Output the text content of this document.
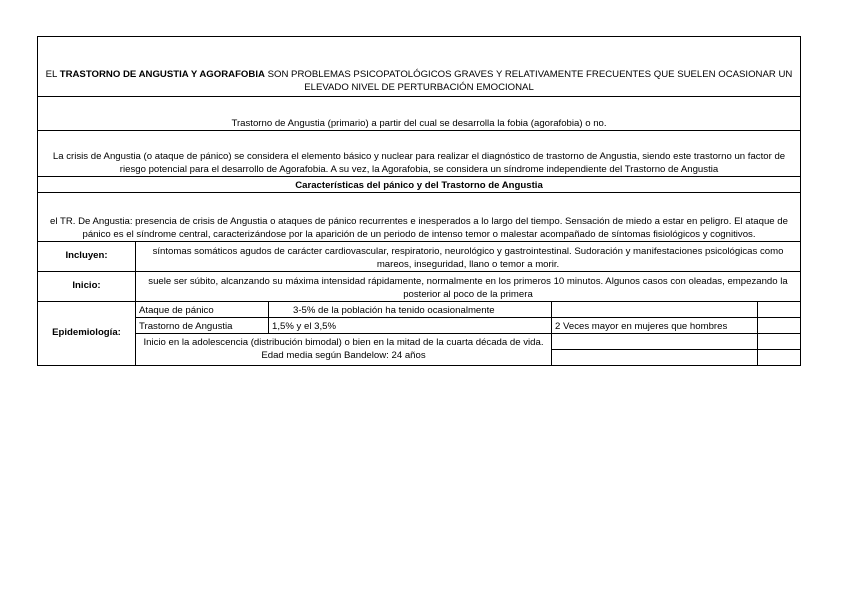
EL TRASTORNO DE ANGUSTIA Y AGORAFOBIA SON PROBLEMAS PSICOPATOLÓGICOS GRAVES Y RELATIVAMENTE FRECUENTES QUE SUELEN OCASIONAR UN ELEVADO NIVEL DE PERTURBACIÓN EMOCIONAL				
Trastorno de Angustia (primario) a partir del cual se desarrolla la fobia (agorafobia) o no.				
La crisis de Angustia (o ataque de pánico) se considera el elemento básico y nuclear para realizar el diagnóstico de trastorno de Angustia, siendo este trastorno un factor de riesgo potencial para el desarrollo de Agorafobia. A su vez, la Agorafobia, se considera un síndrome independiente del Trastorno de Angustia				
Características del pánico y del Trastorno de Angustia				
el TR. De Angustia: presencia de crisis de Angustia o ataques de pánico recurrentes e inesperados a lo largo del tiempo. Sensación de miedo a estar en peligro. El ataque de pánico es el síndrome central, caracterizándose por la aparición de un periodo de intenso temor o malestar acompañado de síntomas fisiológicos y cognitivos.				
Incluyen:	síntomas somáticos agudos de carácter cardiovascular, respiratorio, neurológico y gastrointestinal. Sudoración y manifestaciones psicológicas como mareos, inseguridad, llano o temor a morir.			
Inicio:	suele ser súbito, alcanzando su máxima intensidad rápidamente, normalmente en los primeros 10 minutos. Algunos casos con oleadas, empezando la posterior al poco de la primera			
Epidemiología:	Ataque de pánico	3-5% de la población ha tenido ocasionalmente		
	Trastorno de Angustia	1,5% y el 3,5%	2 Veces mayor en mujeres que hombres	
	Inicio en la adolescencia (distribución bimodal) o bien en la mitad de la cuarta década de vida. Edad media según Bandelow: 24 años			
